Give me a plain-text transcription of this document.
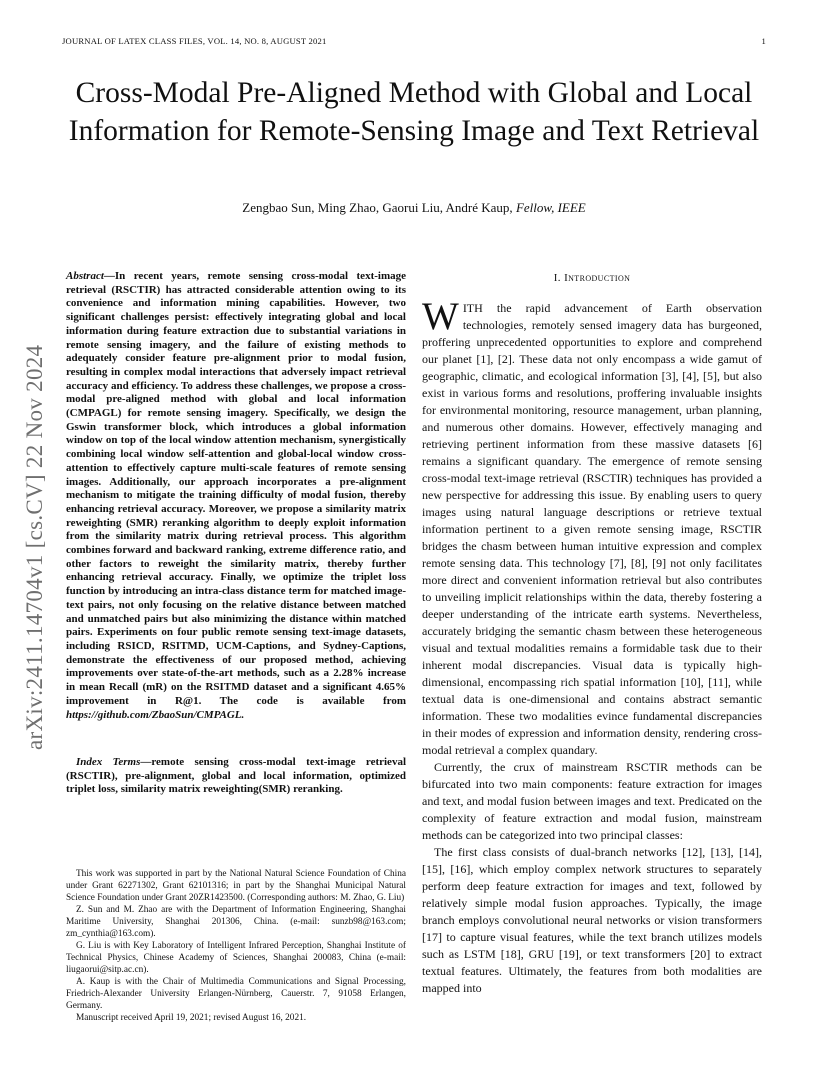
JOURNAL OF LATEX CLASS FILES, VOL. 14, NO. 8, AUGUST 2021	1
Cross-Modal Pre-Aligned Method with Global and Local Information for Remote-Sensing Image and Text Retrieval
Zengbao Sun, Ming Zhao, Gaorui Liu, André Kaup, Fellow, IEEE
arXiv:2411.14704v1 [cs.CV] 22 Nov 2024
Abstract—In recent years, remote sensing cross-modal text-image retrieval (RSCTIR) has attracted considerable attention owing to its convenience and information mining capabilities. However, two significant challenges persist: effectively integrating global and local information during feature extraction due to substantial variations in remote sensing imagery, and the failure of existing methods to adequately consider feature pre-alignment prior to modal fusion, resulting in complex modal interactions that adversely impact retrieval accuracy and efficiency. To address these challenges, we propose a cross-modal pre-aligned method with global and local information (CMPAGL) for remote sensing imagery. Specifically, we design the Gswin transformer block, which introduces a global information window on top of the local window attention mechanism, synergistically combining local window self-attention and global-local window cross-attention to effectively capture multi-scale features of remote sensing images. Additionally, our approach incorporates a pre-alignment mechanism to mitigate the training difficulty of modal fusion, thereby enhancing retrieval accuracy. Moreover, we propose a similarity matrix reweighting (SMR) reranking algorithm to deeply exploit information from the similarity matrix during retrieval process. This algorithm combines forward and backward ranking, extreme difference ratio, and other factors to reweight the similarity matrix, thereby further enhancing retrieval accuracy. Finally, we optimize the triplet loss function by introducing an intra-class distance term for matched image-text pairs, not only focusing on the relative distance between matched and unmatched pairs but also minimizing the distance within matched pairs. Experiments on four public remote sensing text-image datasets, including RSICD, RSITMD, UCM-Captions, and Sydney-Captions, demonstrate the effectiveness of our proposed method, achieving improvements over state-of-the-art methods, such as a 2.28% increase in mean Recall (mR) on the RSITMD dataset and a significant 4.65% improvement in R@1. The code is available from https://github.com/ZbaoSun/CMPAGL.
Index Terms—remote sensing cross-modal text-image retrieval (RSCTIR), pre-alignment, global and local information, optimized triplet loss, similarity matrix reweighting(SMR) reranking.

This work was supported in part by the National Natural Science Foundation of China under Grant 62271302, Grant 62101316; in part by the Shanghai Municipal Natural Science Foundation under Grant 20ZR1423500. (Corresponding authors: M. Zhao, G. Liu)

Z. Sun and M. Zhao are with the Department of Information Engineering, Shanghai Maritime University, Shanghai 201306, China. (e-mail: sunzb98@163.com; zm_cynthia@163.com).

G. Liu is with Key Laboratory of Intelligent Infrared Perception, Shanghai Institute of Technical Physics, Chinese Academy of Sciences, Shanghai 200083, China (e-mail: liugaorui@sitp.ac.cn).

A. Kaup is with the Chair of Multimedia Communications and Signal Processing, Friedrich-Alexander University Erlangen-Nürnberg, Cauerstr. 7, 91058 Erlangen, Germany.

Manuscript received April 19, 2021; revised August 16, 2021.

I. Introduction

WITH the rapid advancement of Earth observation technologies, remotely sensed imagery data has burgeoned, proffering unprecedented opportunities to explore and comprehend our planet [1], [2]. These data not only encompass a wide gamut of geographic, climatic, and ecological information [3], [4], [5], but also exist in various forms and resolutions, proffering invaluable insights for environmental monitoring, resource management, urban planning, and numerous other domains. However, effectively managing and retrieving pertinent information from these massive datasets [6] remains a significant quandary. The emergence of remote sensing cross-modal text-image retrieval (RSCTIR) techniques has provided a new perspective for addressing this issue. By enabling users to query images using natural language descriptions or retrieve textual information pertinent to a given remote sensing image, RSCTIR bridges the chasm between human intuitive expression and complex remote sensing data. This technology [7], [8], [9] not only facilitates more direct and convenient information retrieval but also contributes to unveiling implicit relationships within the data, thereby fostering a deeper understanding of the intricate earth systems. Nevertheless, accurately bridging the semantic chasm between these heterogeneous visual and textual modalities remains a formidable task due to their inherent modal discrepancies. Visual data is typically high-dimensional, encompassing rich spatial information [10], [11], while textual data is one-dimensional and contains abstract semantic information. These two modalities evince fundamental discrepancies in their modes of expression and information density, rendering cross-modal retrieval a complex quandary.

Currently, the crux of mainstream RSCTIR methods can be bifurcated into two main components: feature extraction for images and text, and modal fusion between images and text. Predicated on the complexity of feature extraction and modal fusion, mainstream methods can be categorized into two principal classes:

The first class consists of dual-branch networks [12], [13], [14], [15], [16], which employ complex network structures to separately perform deep feature extraction for images and text, followed by relatively simple modal fusion approaches. Typically, the image branch employs convolutional neural networks or vision transformers [17] to capture visual features, while the text branch utilizes models such as LSTM [18], GRU [19], or text transformers [20] to extract textual features. Ultimately, the features from both modalities are mapped into
